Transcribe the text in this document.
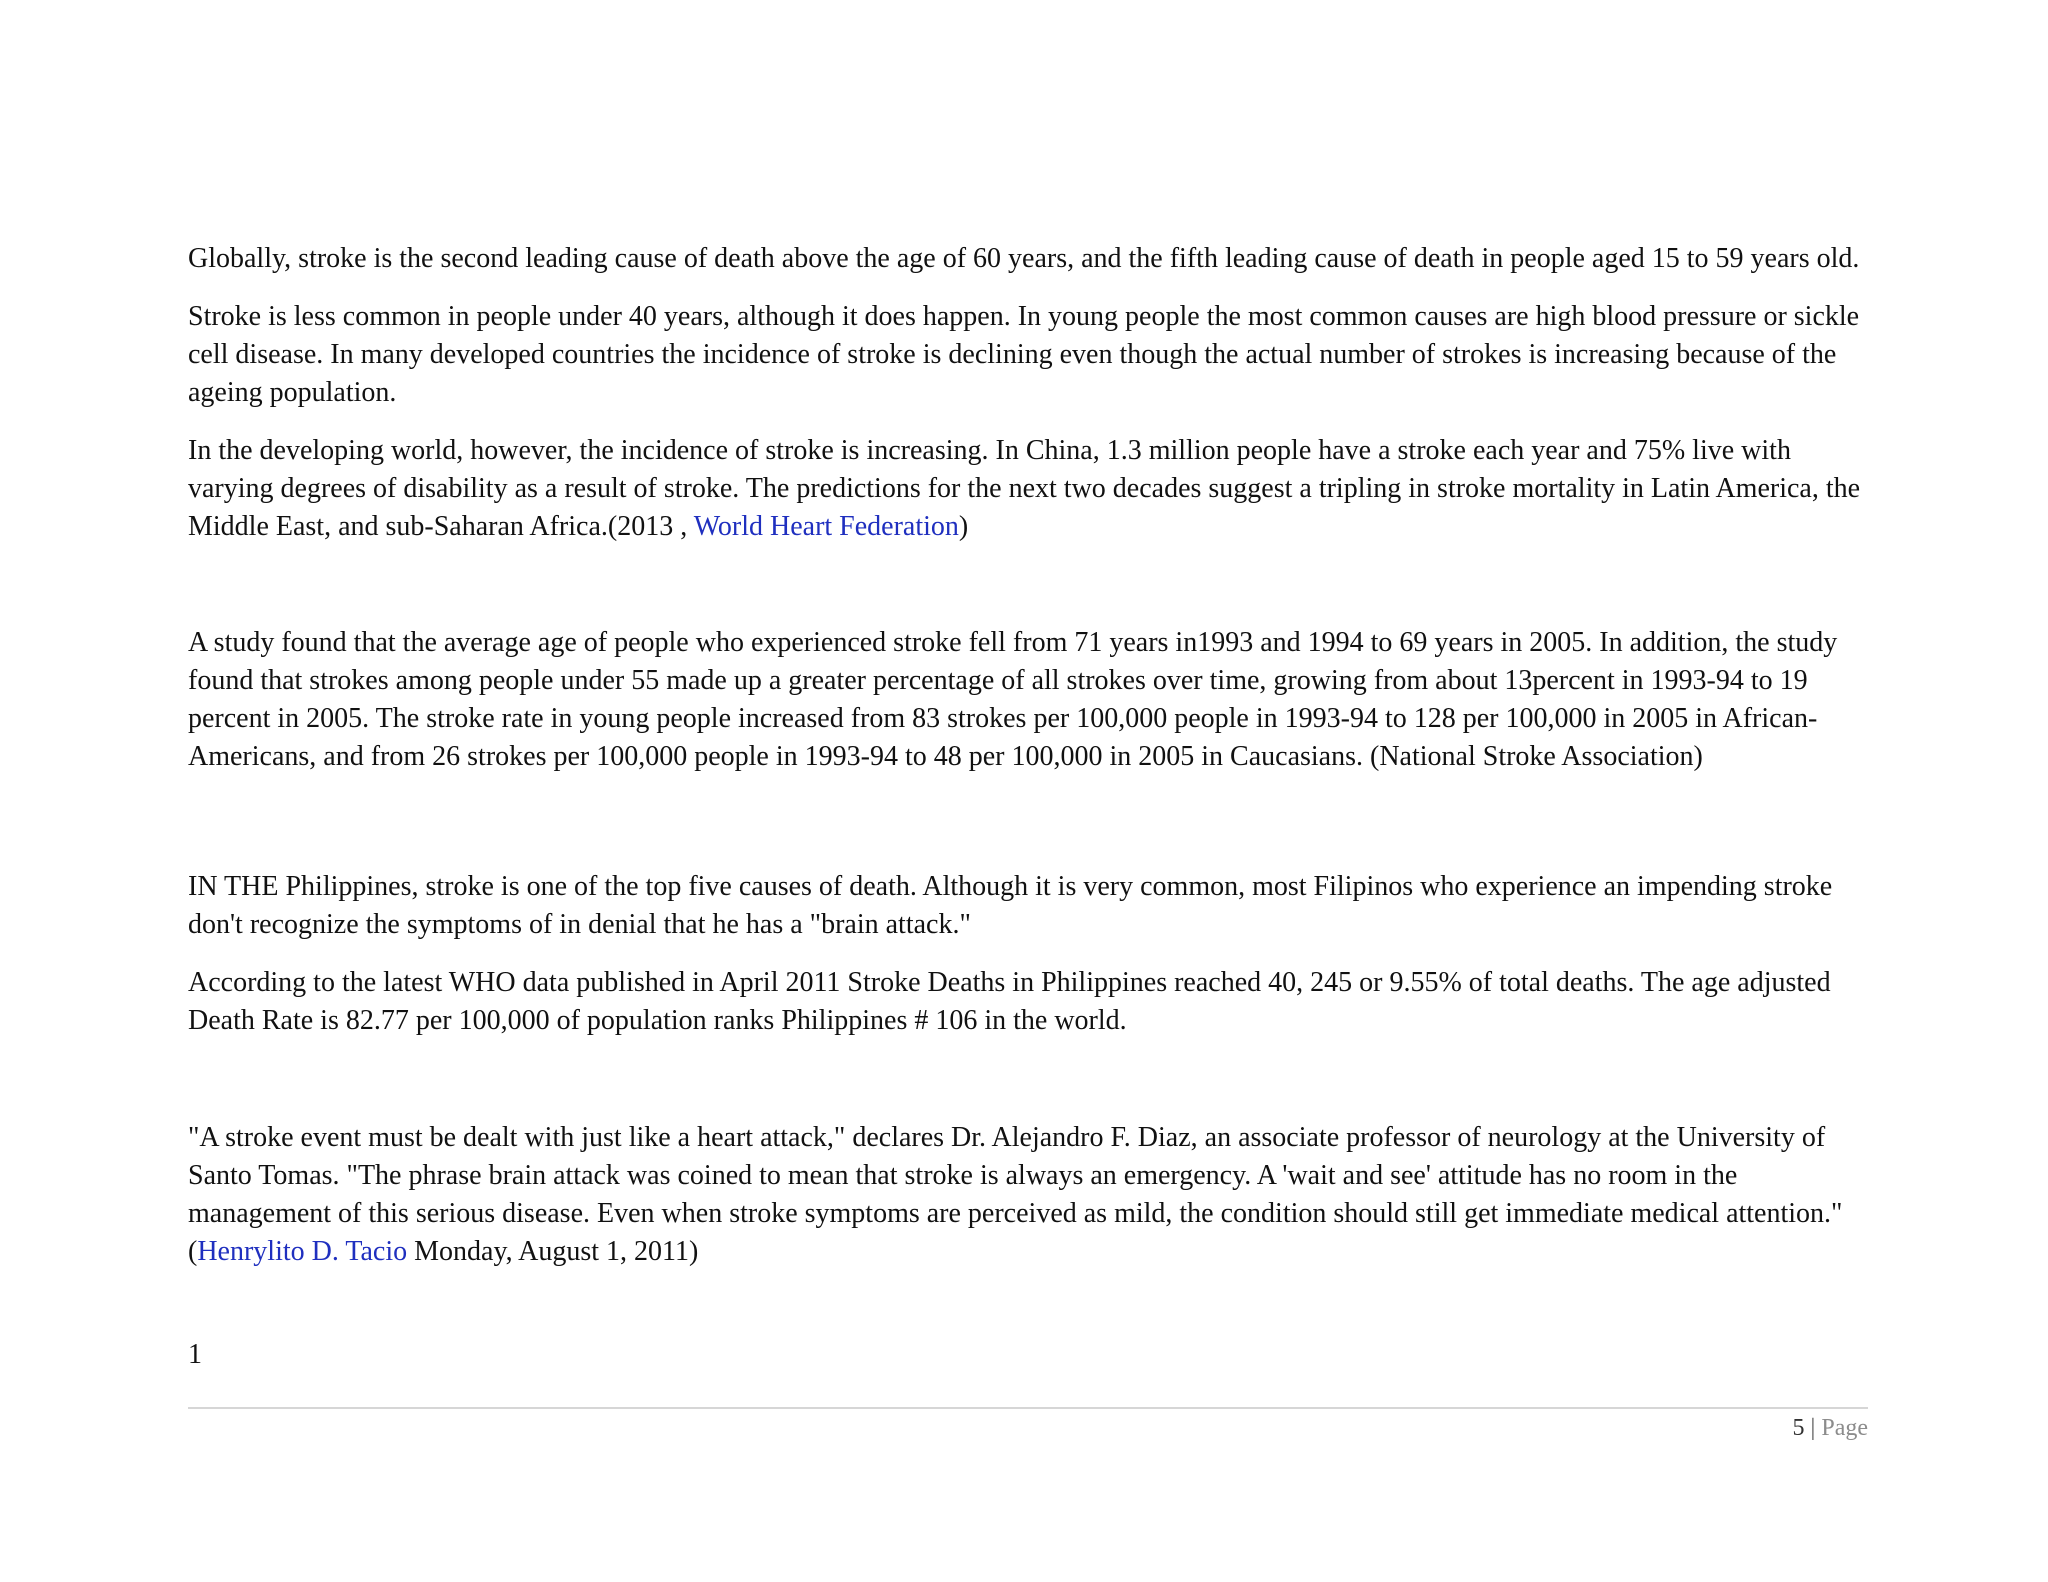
Globally, stroke is the second leading cause of death above the age of 60 years, and the fifth leading cause of death in people aged 15 to 59 years old.

Stroke is less common in people under 40 years, although it does happen. In young people the most common causes are high blood pressure or sickle cell disease. In many developed countries the incidence of stroke is declining even though the actual number of strokes is increasing because of the ageing population.

In the developing world, however, the incidence of stroke is increasing. In China, 1.3 million people have a stroke each year and 75% live with varying degrees of disability as a result of stroke. The predictions for the next two decades suggest a tripling in stroke mortality in Latin America, the Middle East, and sub-Saharan Africa.(2013 , World Heart Federation)

A study found that the average age of people who experienced stroke fell from 71 years in1993 and 1994 to 69 years in 2005. In addition, the study found that strokes among people under 55 made up a greater percentage of all strokes over time, growing from about 13percent in 1993-94 to 19 percent in 2005. The stroke rate in young people increased from 83 strokes per 100,000 people in 1993-94 to 128 per 100,000 in 2005 in African-Americans, and from 26 strokes per 100,000 people in 1993-94 to 48 per 100,000 in 2005 in Caucasians. (National Stroke Association)

IN THE Philippines, stroke is one of the top five causes of death. Although it is very common, most Filipinos who experience an impending stroke don't recognize the symptoms of in denial that he has a "brain attack."

According to the latest WHO data published in April 2011 Stroke Deaths in Philippines reached 40, 245 or 9.55% of total deaths. The age adjusted Death Rate is 82.77 per 100,000 of population ranks Philippines # 106 in the world.

"A stroke event must be dealt with just like a heart attack," declares Dr. Alejandro F. Diaz, an associate professor of neurology at the University of Santo Tomas. "The phrase brain attack was coined to mean that stroke is always an emergency. A 'wait and see' attitude has no room in the management of this serious disease. Even when stroke symptoms are perceived as mild, the condition should still get immediate medical attention."(Henrylito D. Tacio Monday, August 1, 2011)

1
5 | Page
